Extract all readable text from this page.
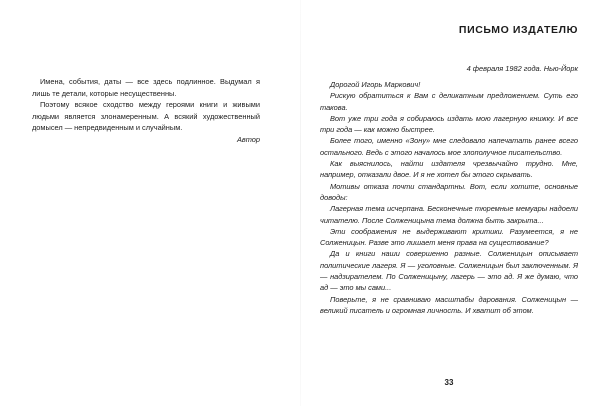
Имена, события, даты — все здесь подлинное. Выдумал я лишь те детали, которые несущественны.

Поэтому всякое сходство между героями книги и живыми людьми является злонамеренным. А всякий художественный домысел — непредвиденным и случайным.

Автор

ПИСЬМО ИЗДАТЕЛЮ
4 февраля 1982 года. Нью-Йорк

Дорогой Игорь Маркович!

Рискую обратиться к Вам с деликатным предложением. Суть его такова.

Вот уже три года я собираюсь издать мою лагерную книжку. И все три года — как можно быстрее.

Более того, именно «Зону» мне следовало напечатать ранее всего остального. Ведь с этого началось мое злополучное писательство.

Как выяснилось, найти издателя чрезвычайно трудно. Мне, например, отказали двое. И я не хотел бы этого скрывать.

Мотивы отказа почти стандартны. Вот, если хотите, основные доводы:

Лагерная тема исчерпана. Бесконечные тюремные мемуары надоели читателю. После Солженицына тема должна быть закрыта...

Эти соображения не выдерживают критики. Разумеется, я не Солженицын. Разве это лишает меня права на существование?

Да и книги наши совершенно разные. Солженицын описывает политические лагеря. Я — уголовные. Солженицын был заключенным. Я — надзирателем. По Солженицыну, лагерь — это ад. Я же думаю, что ад — это мы сами...

Поверьте, я не сравниваю масштабы дарования. Солженицын — великий писатель и огромная личность. И хватит об этом.

33
